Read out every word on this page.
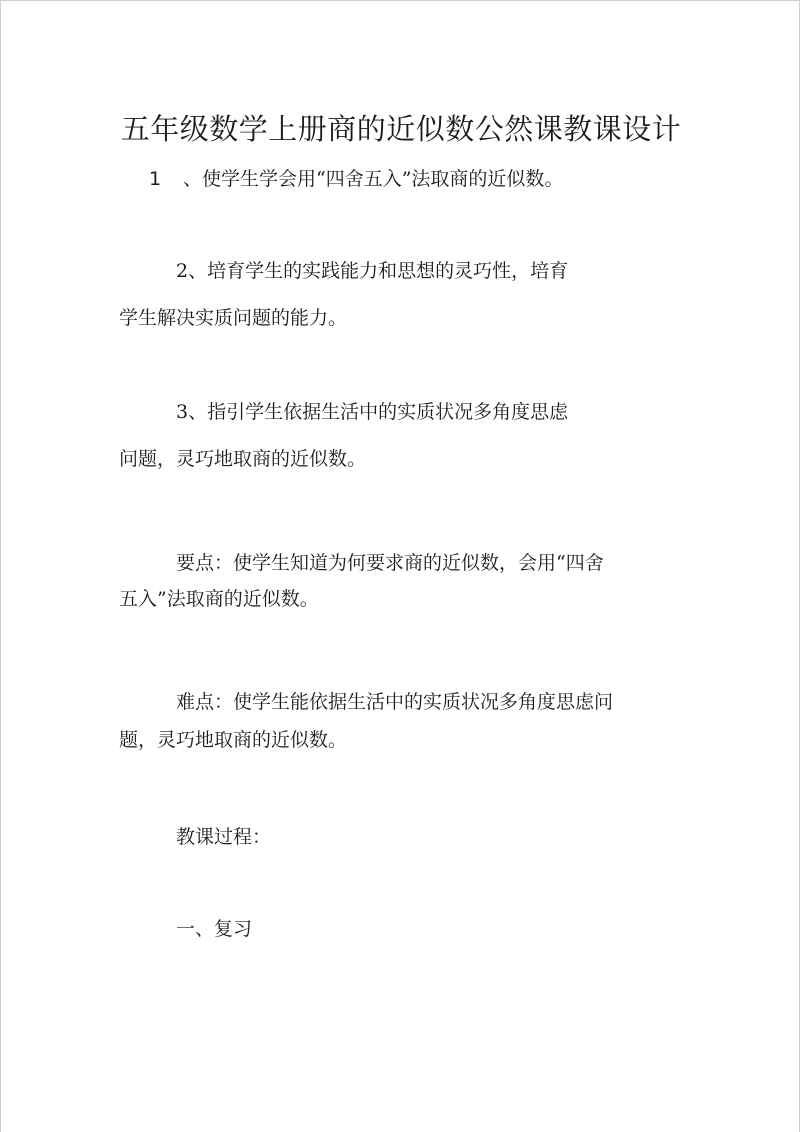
五年级数学上册商的近似数公然课教课设计
1 、使学生学会用“四舍五入”法取商的近似数。
2、培育学生的实践能力和思想的灵巧性，培育
学生解决实质问题的能力。
3、指引学生依据生活中的实质状况多角度思虑
问题，灵巧地取商的近似数。
要点：使学生知道为何要求商的近似数，会用“四舍
五入”法取商的近似数。
难点：使学生能依据生活中的实质状况多角度思虑问
题，灵巧地取商的近似数。
教课过程：
一、复习
